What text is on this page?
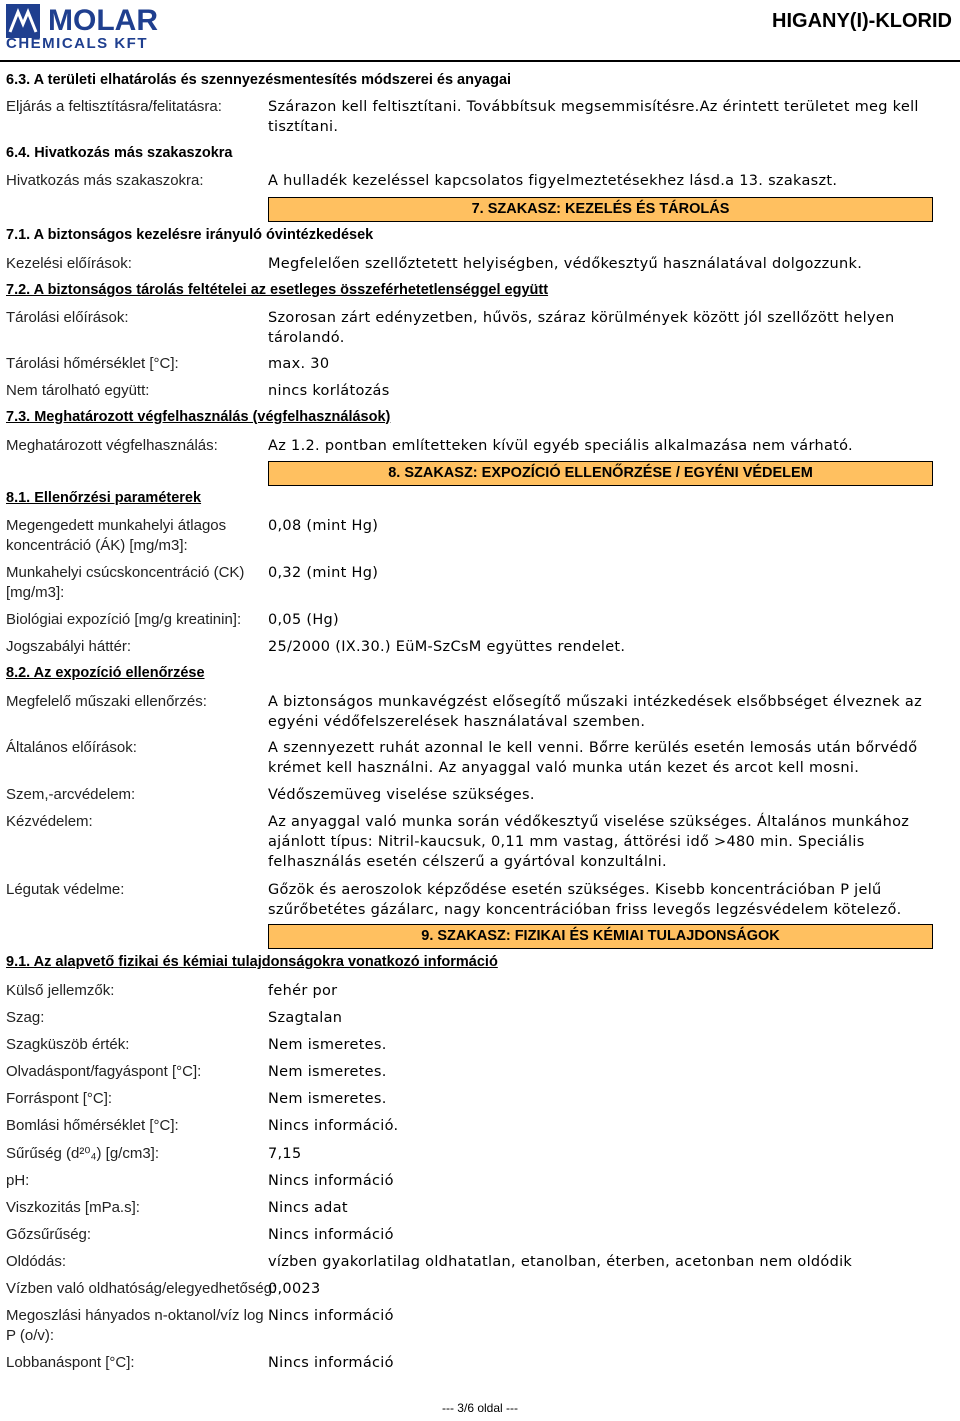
MOLAR
CHEMICALS KFT
HIGANY(I)-KLORID
6.3. A területi elhatárolás és szennyezésmentesítés módszerei és anyagai
Eljárás a feltisztításra/felitatásra:	Szárazon kell feltisztítani. Továbbítsuk megsemmisítésre.Az érintett területet meg kell tisztítani.
6.4. Hivatkozás más szakaszokra
Hivatkozás más szakaszokra:	A hulladék kezeléssel kapcsolatos figyelmeztetésekhez lásd.a 13. szakaszt.
7. SZAKASZ: KEZELÉS ÉS TÁROLÁS
7.1. A biztonságos kezelésre irányuló óvintézkedések
Kezelési előírások:	Megfelelően szellőztetett helyiségben, védőkesztyű használatával dolgozzunk.
7.2. A biztonságos tárolás feltételei az esetleges összeférhetetlenséggel együtt
Tárolási előírások:	Szorosan zárt edényzetben, hűvös, száraz körülmények között jól szellőzött helyen tárolandó.
Tárolási hőmérséklet [°C]:	max. 30
Nem tárolható együtt:	nincs korlátozás
7.3. Meghatározott végfelhasználás (végfelhasználások)
Meghatározott végfelhasználás:	Az 1.2. pontban említetteken kívül egyéb speciális alkalmazása nem várható.
8. SZAKASZ: EXPOZÍCIÓ ELLENŐRZÉSE / EGYÉNI VÉDELEM
8.1. Ellenőrzési paraméterek
Megengedett munkahelyi átlagos koncentráció (ÁK) [mg/m3]:
0,08 (mint Hg)
Munkahelyi csúcskoncentráció (CK) [mg/m3]:
0,32 (mint Hg)
Biológiai expozíció [mg/g kreatinin]: 0,05 (Hg)
Jogszabályi háttér:	25/2000 (IX.30.) EüM-SzCsM együttes rendelet.
8.2. Az expozíció ellenőrzése
Megfelelő műszaki ellenőrzés:	A biztonságos munkavégzést elősegítő műszaki intézkedések elsőbbséget élveznek az egyéni védőfelszerelések használatával szemben.
Általános előírások:	A szennyezett ruhát azonnal le kell venni. Bőrre kerülés esetén lemosás után bőrvédő krémet kell használni. Az anyaggal való munka után kezet és arcot kell mosni.
Szem,-arcvédelem:	Védőszemüveg viselése szükséges.
Kézvédelem:	Az anyaggal való munka során védőkesztyű viselése szükséges. Általános munkához ajánlott típus: Nitril-kaucsuk, 0,11 mm vastag, áttörési idő >480 min. Speciális felhasználás esetén célszerű a gyártóval konzultálni.
Légutak védelme:	Gőzök és aeroszolok képződése esetén szükséges. Kisebb koncentrációban P jelű szűrőbetétes gázálarc, nagy koncentrációban friss levegős legzésvédelem kötelező.
9. SZAKASZ: FIZIKAI ÉS KÉMIAI TULAJDONSÁGOK
9.1. Az alapvető fizikai és kémiai tulajdonságokra vonatkozó információ
Külső jellemzők:	fehér por
Szag:	Szagtalan
Szagküszöb érték:	Nem ismeretes.
Olvadáspont/fagyáspont [°C]:	Nem ismeretes.
Forráspont [°C]:	Nem ismeretes.
Bomlási hőmérséklet [°C]:	Nincs információ.
Sűrűség (d²⁰₄) [g/cm3]:	7,15
pH:	Nincs információ
Viszkozitás [mPa.s]:	Nincs adat
Gőzsűrűség:	Nincs információ
Oldódás:	vízben gyakorlatilag oldhatatlan, etanolban, éterben, acetonban nem oldódik
Vízben való oldhatóság/elegyedhetőség:
0,0023
Megoszlási hányados n-oktanol/víz log P (o/v):
Nincs információ
Lobbanáspont [°C]:	Nincs információ
--- 3/6 oldal ---
